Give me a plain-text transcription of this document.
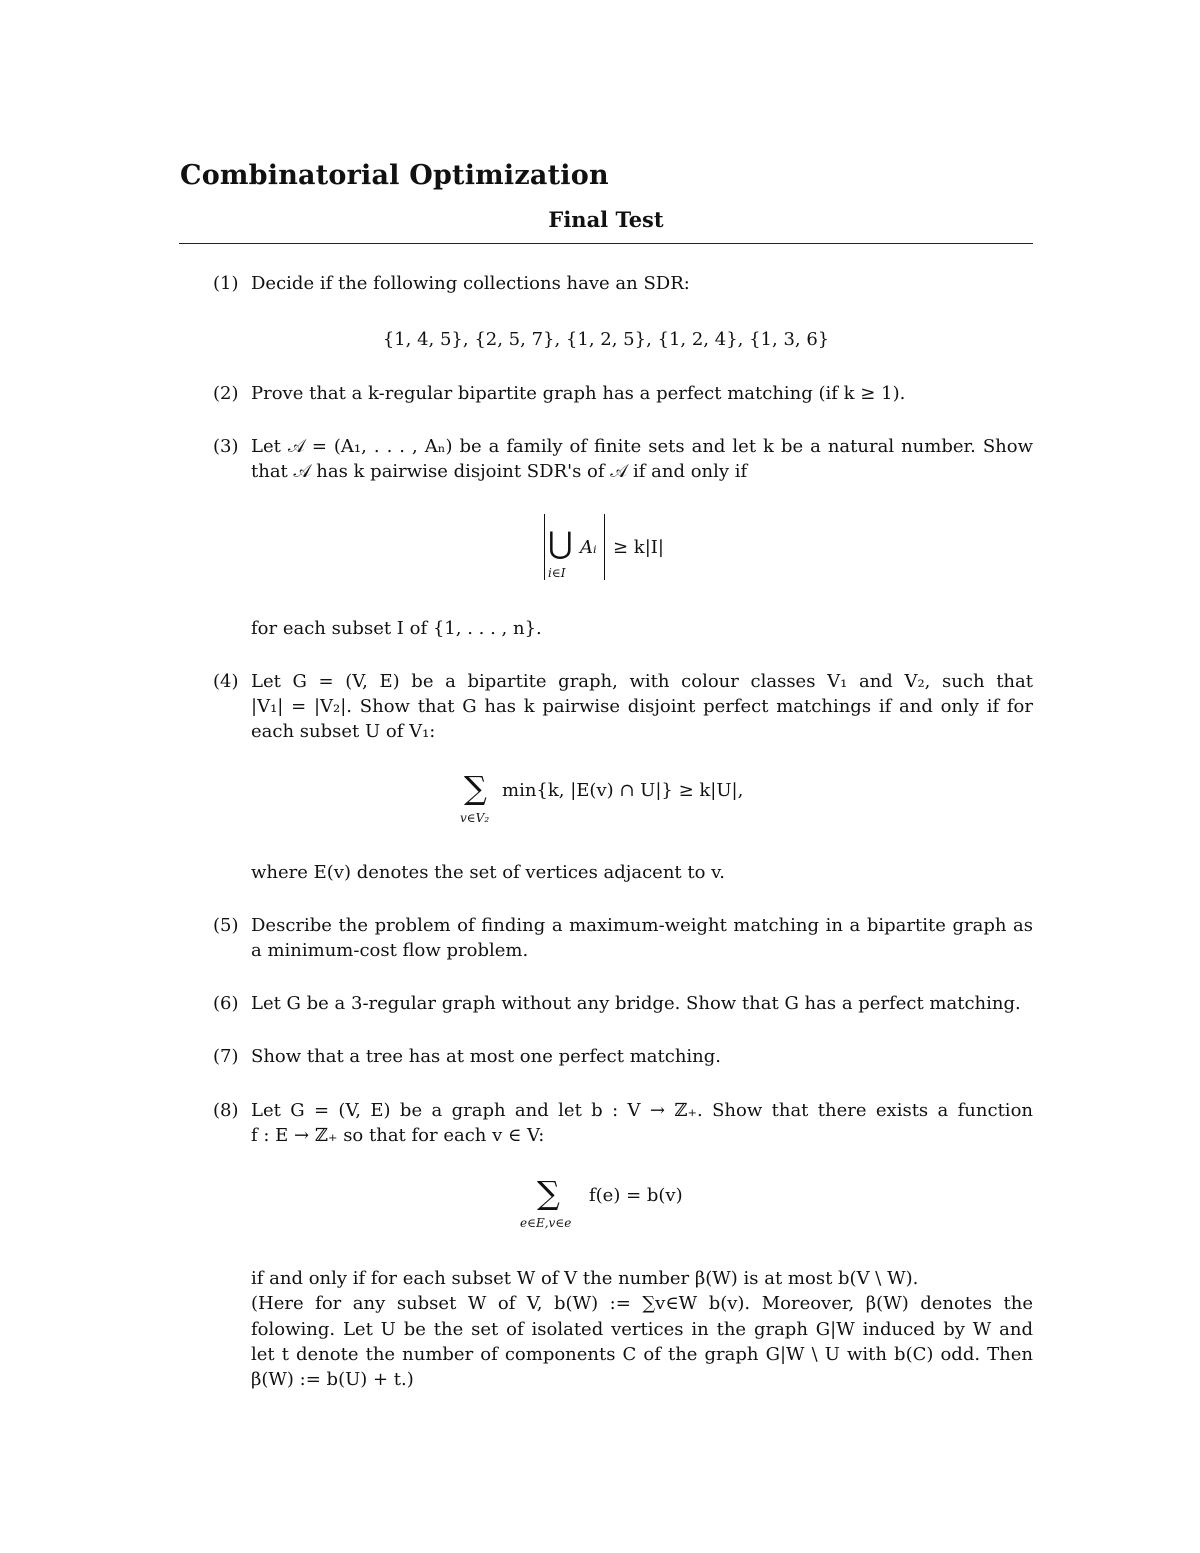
Combinatorial Optimization
Final Test
(1) Decide if the following collections have an SDR:
{1, 4, 5}, {2, 5, 7}, {1, 2, 5}, {1, 2, 4}, {1, 3, 6}
(2) Prove that a k-regular bipartite graph has a perfect matching (if k ≥ 1).
(3) Let 𝒜 = (A₁, . . . , Aₙ) be a family of finite sets and let k be a natural number. Show
that 𝒜 has k pairwise disjoint SDR's of 𝒜 if and only if
⋃ Aᵢ ≥ k|I|
i∈I
for each subset I of {1, . . . , n}.
(4) Let G = (V, E) be a bipartite graph, with colour classes V₁ and V₂, such that
|V₁| = |V₂|. Show that G has k pairwise disjoint perfect matchings if and only if for
each subset U of V₁:
∑ min{k, |E(v) ∩ U|} ≥ k|U|,
v∈V₂
where E(v) denotes the set of vertices adjacent to v.
(5) Describe the problem of finding a maximum-weight matching in a bipartite graph as
a minimum-cost flow problem.
(6) Let G be a 3-regular graph without any bridge. Show that G has a perfect matching.
(7) Show that a tree has at most one perfect matching.
(8) Let G = (V, E) be a graph and let b : V → ℤ₊. Show that there exists a function
f : E → ℤ₊ so that for each v ∈ V:
∑ f(e) = b(v)
e∈E,v∈e
if and only if for each subset W of V the number β(W) is at most b(V \ W).
(Here for any subset W of V, b(W) := ∑v∈W b(v). Moreover, β(W) denotes the
folowing. Let U be the set of isolated vertices in the graph G|W induced by W and
let t denote the number of components C of the graph G|W \ U with b(C) odd. Then
β(W) := b(U) + t.)
